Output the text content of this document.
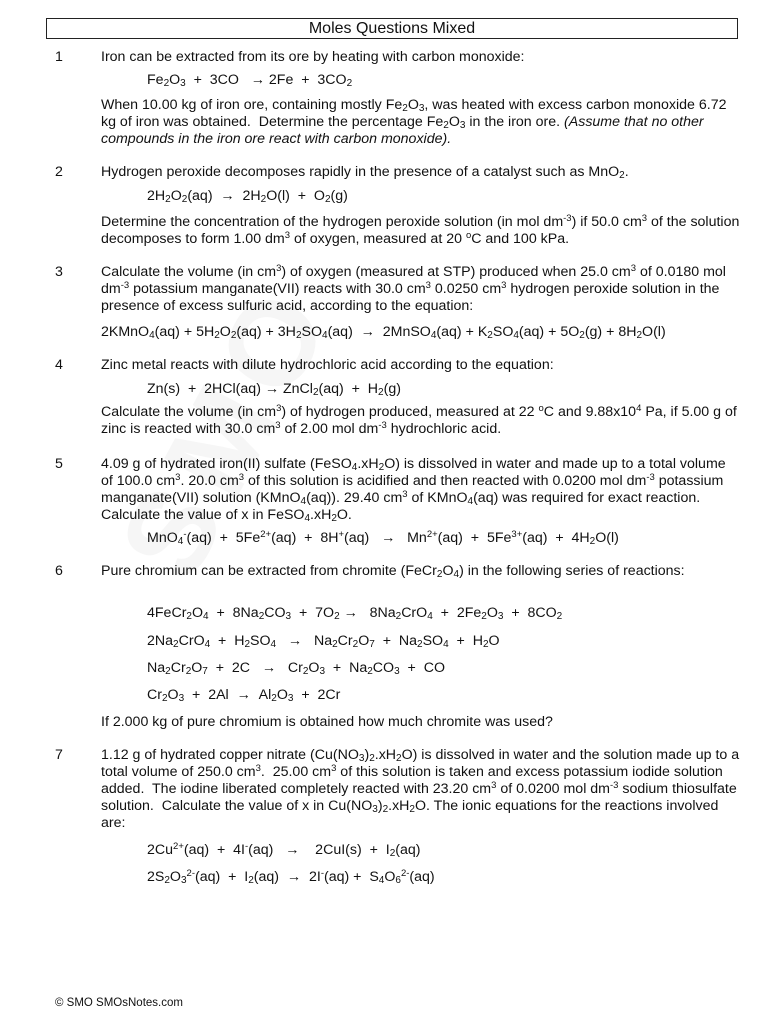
Moles Questions Mixed
1	Iron can be extracted from its ore by heating with carbon monoxide:
$Fe_2O_3 + 3CO \to 2Fe + 3CO_2$
When 10.00 kg of iron ore, containing mostly $Fe_2O_3$, was heated with excess carbon monoxide 6.72 kg of iron was obtained.  Determine the percentage $Fe_2O_3$ in the iron ore. (Assume that no other compounds in the iron ore react with carbon monoxide).
2	Hydrogen peroxide decomposes rapidly in the presence of a catalyst such as MnO$_2$.
$2H_2O_2(aq) \to 2H_2O(l) + O_2(g)$
Determine the concentration of the hydrogen peroxide solution (in mol $dm^{-3}$) if 50.0 $cm^3$ of the solution decomposes to form 1.00 $dm^3$ of oxygen, measured at 20 $^o$C and 100 kPa.
3	Calculate the volume (in $cm^3$) of oxygen (measured at STP) produced when 25.0 $cm^3$ of 0.0180 mol $dm^{-3}$ potassium manganate(VII) reacts with 30.0 $cm^3$ 0.0250 $cm^3$ hydrogen peroxide solution in the presence of excess sulfuric acid, according to the equation:
2KMnO$_4$(aq) + $5H_2O_2(aq) + 3H_2SO_4(aq)$  →  2MnSO$_4$(aq) + $K_2SO_4(aq) + 5O_2(g) + 8H_2O(l)$
4	Zinc metal reacts with dilute hydrochloric acid according to the equation:
Zn(s)  +  2HCl(aq) → ZnCl$_2$(aq)  +  $H_2(g)$
Calculate the volume (in $cm^3$) of hydrogen produced, measured at 22 $^o$C and $9.88x10^4$ Pa, if 5.00 g of zinc is reacted with 30.0 $cm^3$ of 2.00 mol $dm^{-3}$ hydrochloric acid.
5	4.09 g of hydrated iron(II) sulfate $(FeSO_4.xH_2O)$ is dissolved in water and made up to a total volume of 100.0 $cm^3$. 20.0 $cm^3$ of this solution is acidified and then reacted with 0.0200 mol $dm^{-3}$ potassium manganate(VII) solution (KMnO$_4$(aq)). 29.40 $cm^3$ of KMnO$_4$(aq) was required for exact reaction. Calculate the value of x in $FeSO_4.xH_2O$.
$MnO_4^-(aq) + 5Fe^{2+}(aq) + 8H^+(aq) \to Mn^{2+}(aq) + 5Fe^{3+}(aq) + 4H_2O(l)$
6	Pure chromium can be extracted from chromite $(FeCr_2O_4)$ in the following series of reactions:
$4FeCr_2O_4 + 8Na_2CO_3 + 7O_2 \to 8Na_2CrO_4 + 2Fe_2O_3 + 8CO_2$
$2Na_2CrO_4 + H_2SO_4 \to Na_2Cr_2O_7 + Na_2SO_4 + H_2O$
$Na_2Cr_2O_7 + 2C \to Cr_2O_3 + Na_2CO_3$  +  CO
$Cr_2O_3 + 2Al \to Al_2O_3 + 2Cr$
If 2.000 kg of pure chromium is obtained how much chromite was used?
7	1.12 g of hydrated copper nitrate $(Cu(NO_3)_2.xH_2O)$ is dissolved in water and the solution made up to a total volume of 250.0 $cm^3$.  25.00 $cm^3$ of this solution is taken and excess potassium iodide solution added.  The iodine liberated completely reacted with 23.20 $cm^3$ of 0.0200 mol $dm^{-3}$ sodium thiosulfate solution.  Calculate the value of x in $Cu(NO_3)_2.xH_2O$. The ionic equations for the reactions involved are:
$2Cu^{2+}(aq) + 4I^-(aq)$   →    $2CuI(s) + I_2(aq)$
$2S_2O_3^{2-}(aq) + I_2(aq) \to 2I^-(aq) + S_4O_6^{2-}(aq)$
© SMO SMOsNotes.com
